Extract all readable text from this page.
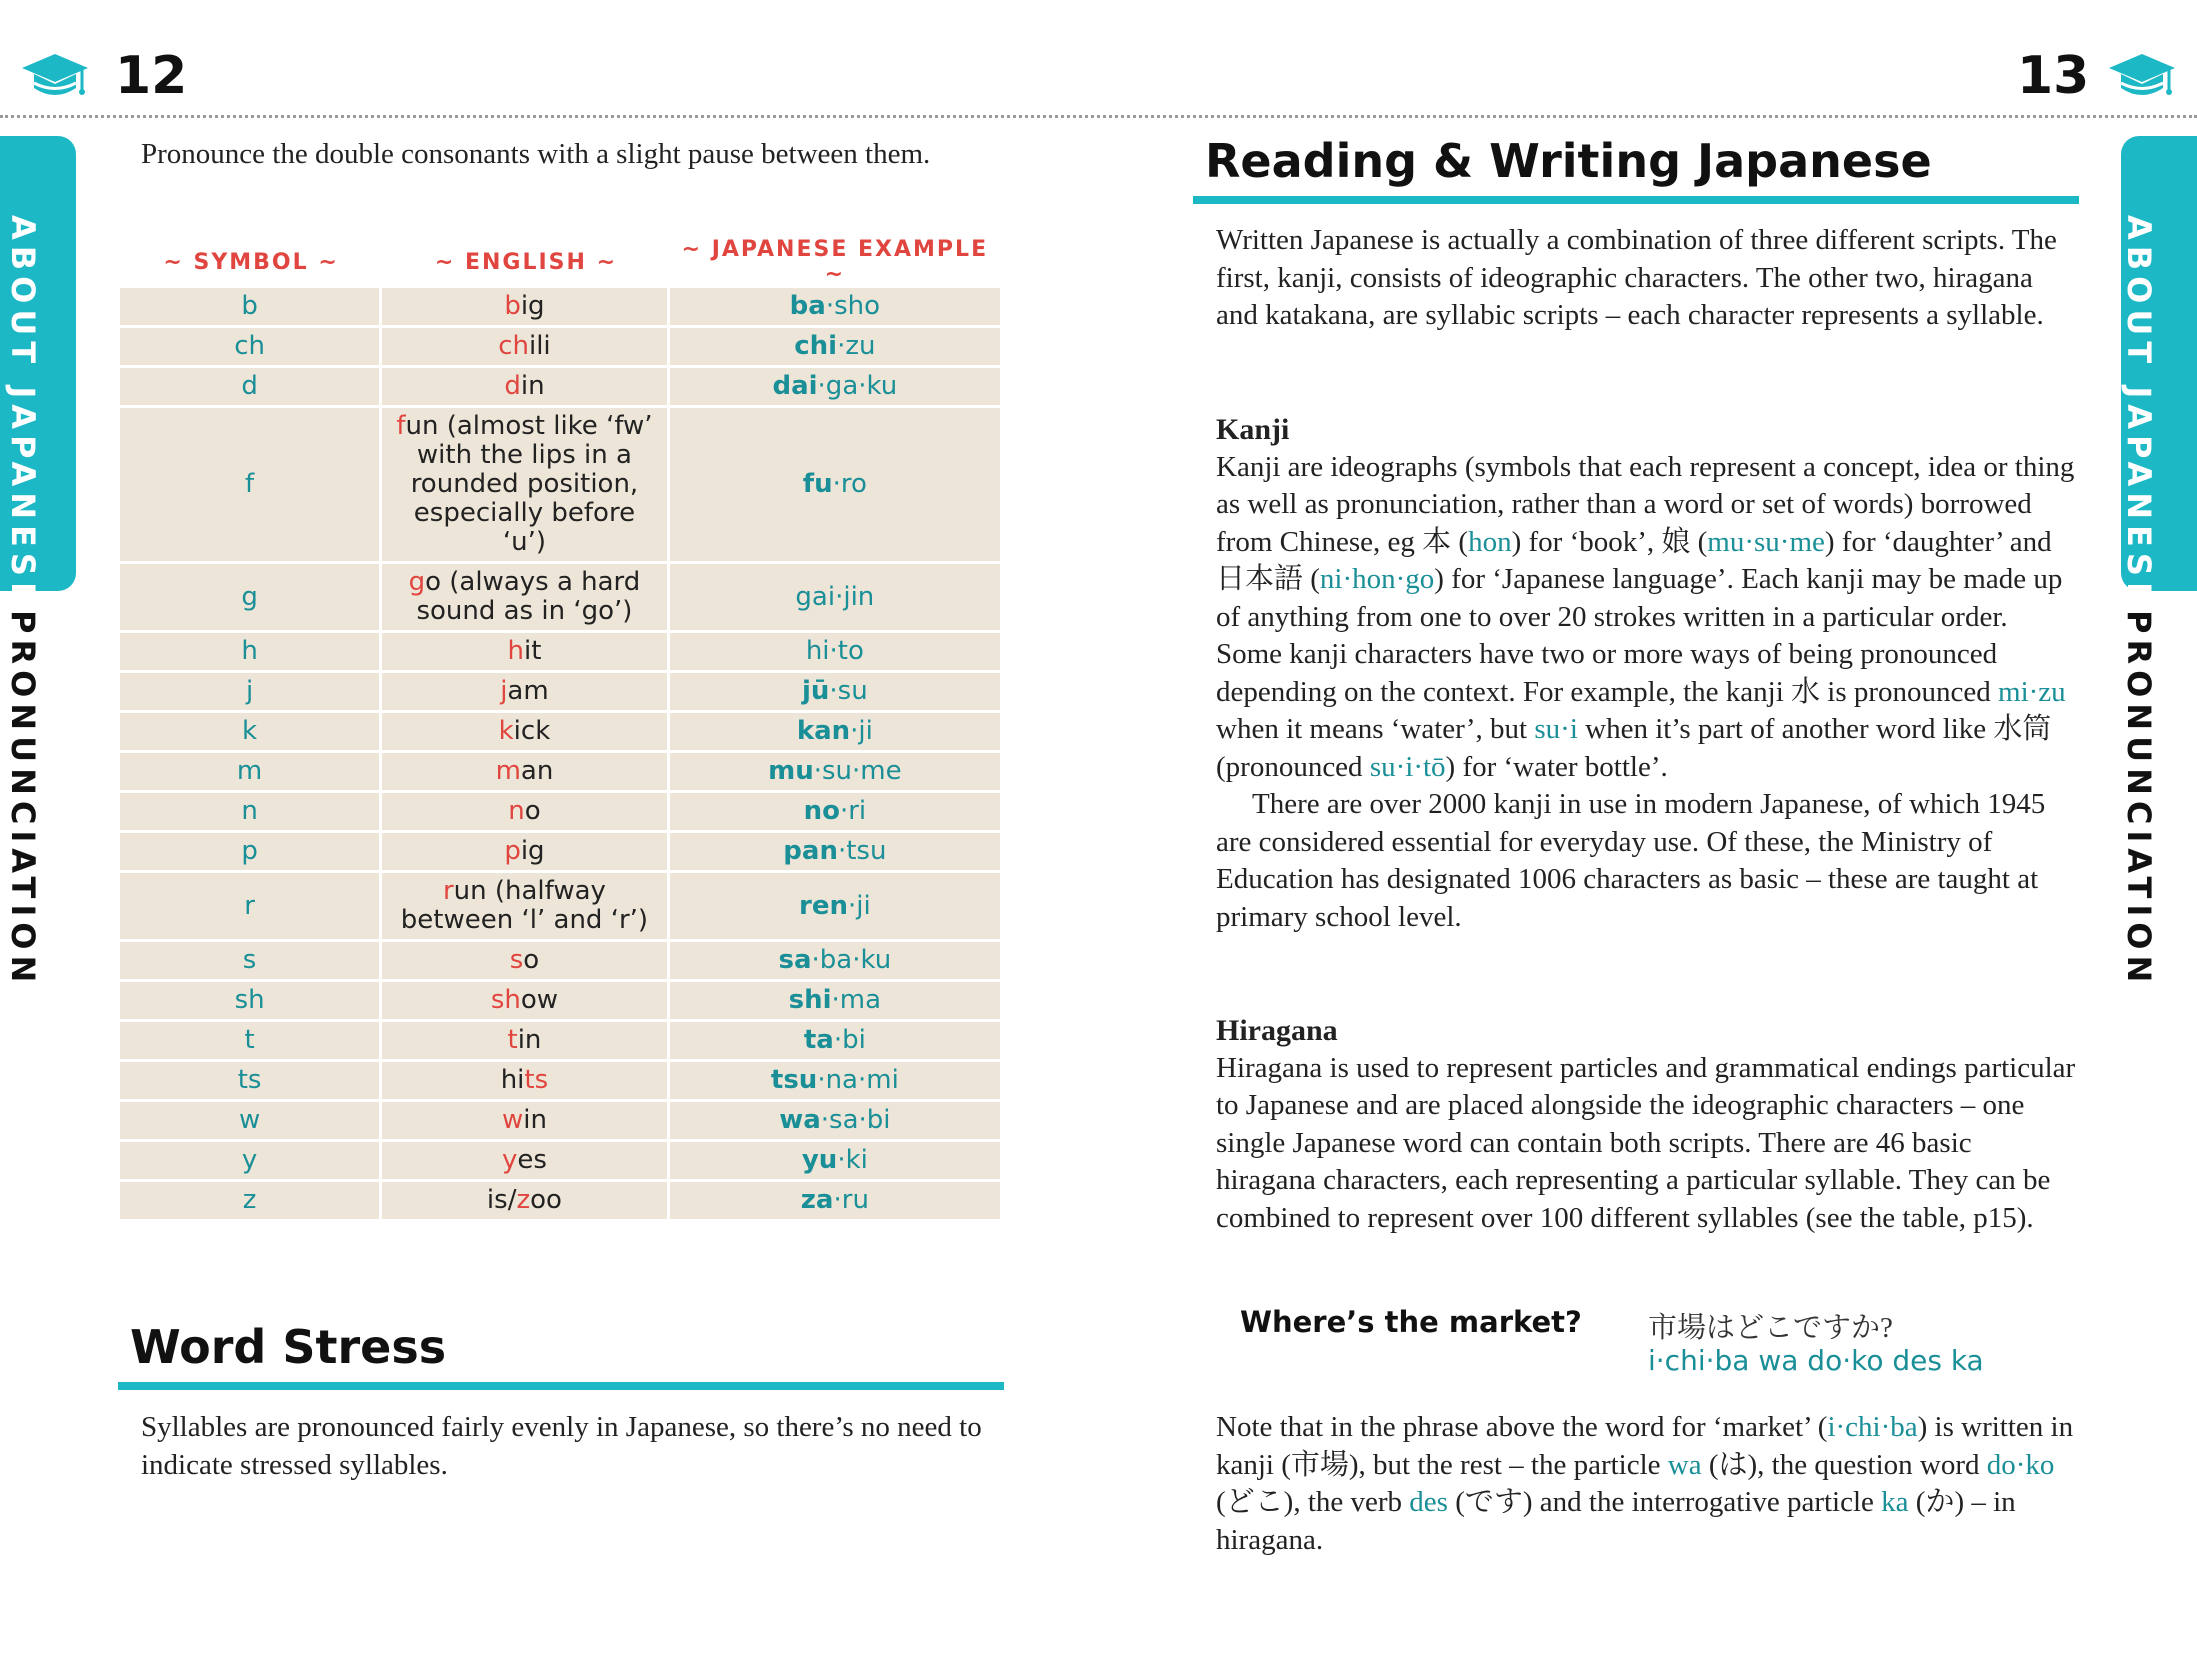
12	13
PRONUNCIATION	PRONUNCIATION

Pronounce the double consonants with a slight pause between them.

~ SYMBOL ~	~ ENGLISH ~	~ JAPANESE EXAMPLE ~
b	big	ba·sho
ch	chili	chi·zu
d	din	dai·ga·ku
f	fun (almost like ‘fw’ with the lips in a rounded position, especially before ‘u’)	fu·ro
g	go (always a hard sound as in ‘go’)	gai·jin
h	hit	hi·to
j	jam	jū·su
k	kick	kan·ji
m	man	mu·su·me
n	no	no·ri
p	pig	pan·tsu
r	run (halfway between ‘l’ and ‘r’)	ren·ji
s	so	sa·ba·ku
sh	show	shi·ma
t	tin	ta·bi
ts	hits	tsu·na·mi
w	win	wa·sa·bi
y	yes	yu·ki
z	is/zoo	za·ru
Word Stress

Syllables are pronounced fairly evenly in Japanese, so there’s no need to indicate stressed syllables.

Reading & Writing Japanese

Written Japanese is actually a combination of three different scripts. The first, kanji, consists of ideographic characters. The other two, hiragana and katakana, are syllabic scripts – each character represents a syllable.

Kanji

Kanji are ideographs (symbols that each represent a concept, idea or thing as well as pronunciation, rather than a word or set of words) borrowed from Chinese, eg 本 (hon) for ‘book’, 娘 (mu·su·me) for ‘daughter’ and 日本語 (ni·hon·go) for ‘Japanese language’. Each kanji may be made up of anything from one to over 20 strokes written in a particular order. Some kanji characters have two or more ways of being pronounced depending on the context. For example, the kanji 水 is pronounced mi·zu when it means ‘water’, but su·i when it’s part of another word like 水筒 (pronounced su·i·tō) for ‘water bottle’.

There are over 2000 kanji in use in modern Japanese, of which 1945 are considered essential for everyday use. Of these, the Ministry of Education has designated 1006 characters as basic – these are taught at primary school level.

Hiragana

Hiragana is used to represent particles and grammatical endings particular to Japanese and are placed alongside the ideographic characters – one single Japanese word can contain both scripts. There are 46 basic hiragana characters, each representing a particular syllable. They can be combined to represent over 100 different syllables (see the table, p15).

Where’s the market? 市場はどこですか?
i·chi·ba wa do·ko des ka

Note that in the phrase above the word for ‘market’ (i·chi·ba) is written in kanji (市場), but the rest – the particle wa (は), the question word do·ko (どこ), the verb des (です) and the interrogative particle ka (か) – in hiragana.
